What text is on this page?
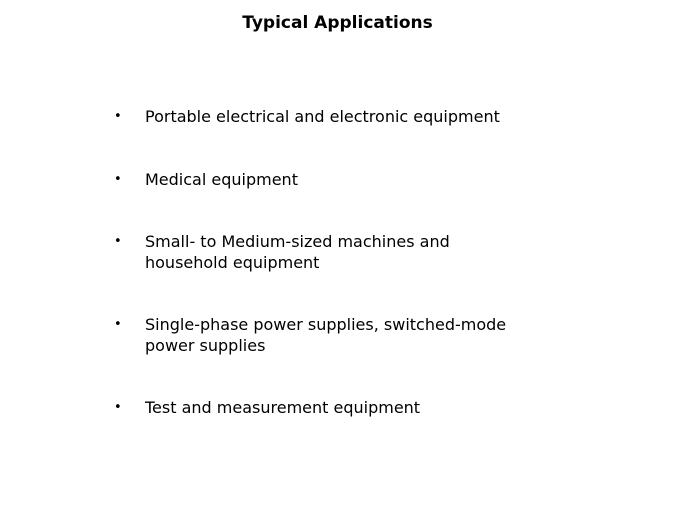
Typical Applications
• Portable electrical and electronic equipment
• Medical equipment
• Small- to Medium-sized machines and
household equipment
• Single-phase power supplies, switched-mode
power supplies
• Test and measurement equipment
